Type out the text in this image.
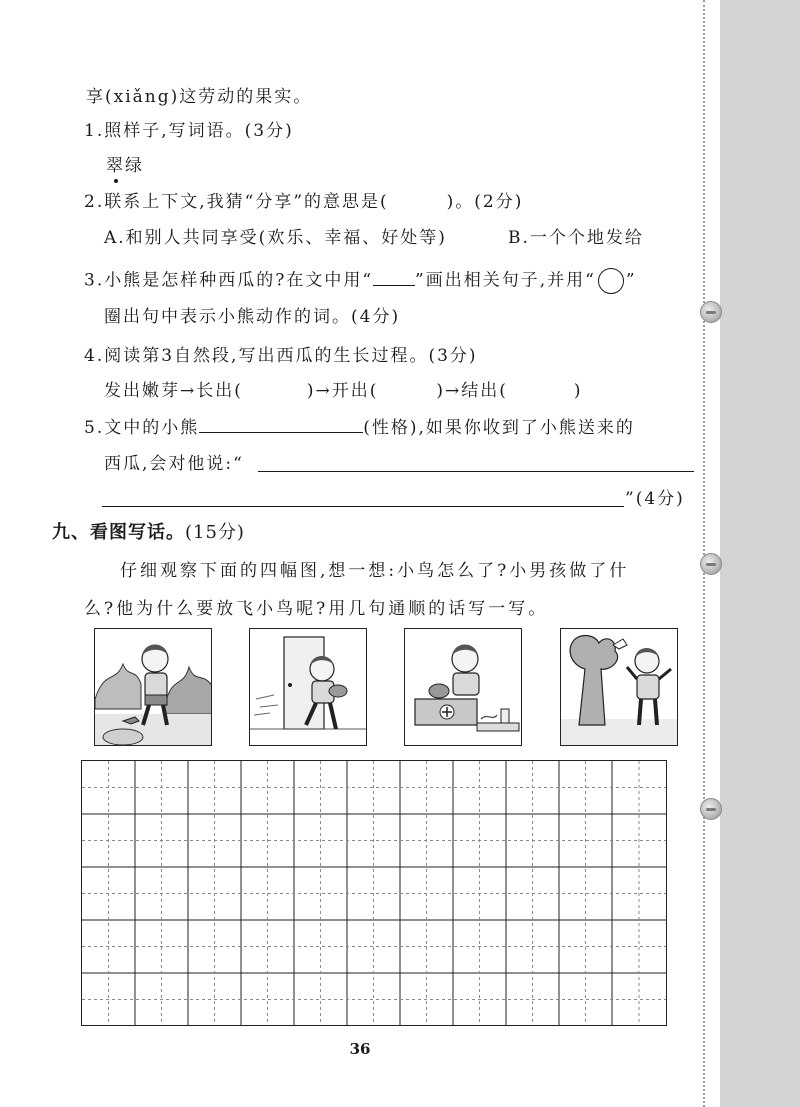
享(xiǎng)这劳动的果实。
1.照样子,写词语。(3分)
翠绿
2.联系上下文,我猜“分享”的意思是(	)。(2分)
A.和别人共同享受(欢乐、幸福、好处等)	B.一个个地发给
3.小熊是怎样种西瓜的?在文中用“ ”画出相关句子,并用“ ○ ”
圈出句中表示小熊动作的词。(4分)
4.阅读第3自然段,写出西瓜的生长过程。(3分)
发出嫩芽→长出(	)→开出(	)→结出(	)
5.文中的小熊	(性格),如果你收到了小熊送来的
西瓜,会对他说:“
”(4分)
九、看图写话。(15分)
仔细观察下面的四幅图,想一想:小鸟怎么了?小男孩做了什
么?他为什么要放飞小鸟呢?用几句通顺的话写一写。
36
